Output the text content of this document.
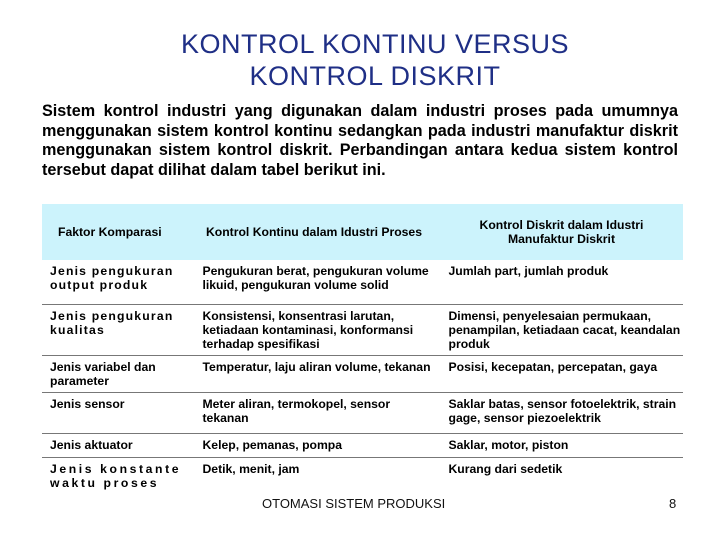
KONTROL KONTINU VERSUS
KONTROL DISKRIT

Sistem kontrol industri yang digunakan dalam industri proses pada umumnya menggunakan sistem kontrol kontinu sedangkan pada industri manufaktur diskrit menggunakan sistem kontrol diskrit. Perbandingan antara kedua sistem kontrol tersebut dapat dilihat dalam tabel berikut ini.

Faktor Komparasi	Kontrol Kontinu dalam Idustri Proses	Kontrol Diskrit dalam Idustri Manufaktur Diskrit
Jenis pengukuran output produk	Pengukuran berat, pengukuran volume likuid, pengukuran volume solid	Jumlah part, jumlah produk
Jenis pengukuran kualitas	Konsistensi, konsentrasi larutan, ketiadaan kontaminasi, konformansi terhadap spesifikasi	Dimensi, penyelesaian permukaan, penampilan, ketiadaan cacat, keandalan produk
Jenis variabel dan parameter	Temperatur, laju aliran volume, tekanan	Posisi, kecepatan, percepatan, gaya
Jenis sensor	Meter aliran, termokopel, sensor tekanan	Saklar batas, sensor fotoelektrik, strain gage, sensor piezoelektrik
Jenis aktuator	Kelep, pemanas, pompa	Saklar, motor, piston
Jenis konstante waktu proses	Detik, menit, jam	Kurang dari sedetik
OTOMASI SISTEM PRODUKSI	8
